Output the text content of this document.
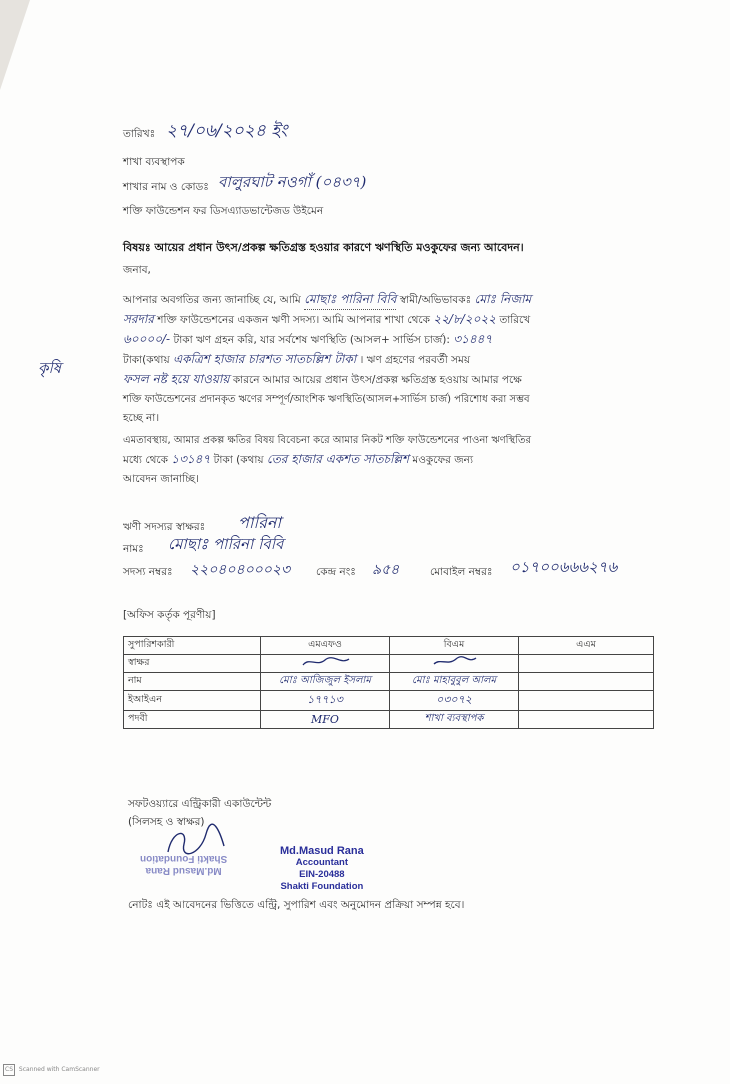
তারিখঃ ২৭/০৬/২০২৪ ইং
শাখা ব্যবস্থাপক
শাখার নাম ও কোডঃ বালুরঘাট নওগাঁ (০৪৩৭)
শক্তি ফাউন্ডেশন ফর ডিসএ্যাডভান্টেজড উইমেন
বিষয়ঃ আয়ের প্রধান উৎস/প্রকল্প ক্ষতিগ্রস্ত হওয়ার কারণে ঋণস্থিতি মওকুফের জন্য আবেদন।
জনাব,
আপনার অবগতির জন্য জানাচ্ছি যে, আমি মোছাঃ পারিনা বিবি স্বামী/অভিভাবকঃ মোঃ নিজাম
সরদার শক্তি ফাউন্ডেশনের একজন ঋণী সদস্য। আমি আপনার শাখা থেকে ২২/৮/২০২২ তারিখে
৬০০০০/- টাকা ঋণ গ্রহন করি, যার সর্বশেষ ঋণস্থিতি (আসল+ সার্ভিস চার্জ): ৩১৪৪৭
টাকা(কথায় একত্রিশ হাজার চারশত সাতচল্লিশ টাকা । ঋণ গ্রহণের পরবর্তী সময়
ফসল নষ্ট হয়ে যাওয়ায় কারনে আমার আয়ের প্রধান উৎস/প্রকল্প ক্ষতিগ্রস্ত হওয়ায় আমার পক্ষে
শক্তি ফাউন্ডেশনের প্রদানকৃত ঋণের সম্পূর্ণ/আংশিক ঋণস্থিতি(আসল+সার্ভিস চার্জ) পরিশোধ করা সম্ভব
হচ্ছে না।
কৃষি
এমতাবস্থায়, আমার প্রকল্প ক্ষতির বিষয় বিবেচনা করে আমার নিকট শক্তি ফাউন্ডেশনের পাওনা ঋণস্থিতির
মধ্যে থেকে ১৩১৪৭ টাকা (কথায় তের হাজার একশত সাতচল্লিশ মওকুফের জন্য
আবেদন জানাচ্ছি।
ঋণী সদস্যর স্বাক্ষরঃ পারিনা
নামঃ মোছাঃ পারিনা বিবি
সদস্য নম্বরঃ ২২০৪০৪০০০২৩ কেন্দ্র নংঃ ৯৫৪	মোবাইল নম্বরঃ ০১৭০০৬৬৬২৭৬
[অফিস কর্তৃক পূরণীয়]
সুপারিশকারী	এমএফও	বিএম	এএম
স্বাক্ষর			
নাম	মোঃ আজিজুল ইসলাম	মোঃ মাহাবুবুল আলম	
ইআইএন	১৭৭১৩	০৩০৭২	
পদবী	MFO	শাখা ব্যবস্থাপক	
সফটওয়্যারে এন্ট্রিকারী একাউন্টেন্ট
(সিলসহ ও স্বাক্ষর)
Md.Masud Rana
Accountant
EIN-20488
Shakti Foundation
Md.Masud Rana
Shakti Foundation
নোটঃ এই আবেদনের ভিত্তিতে এন্ট্রি, সুপারিশ এবং অনুমোদন প্রক্রিয়া সম্পন্ন হবে।
CS Scanned with CamScanner
